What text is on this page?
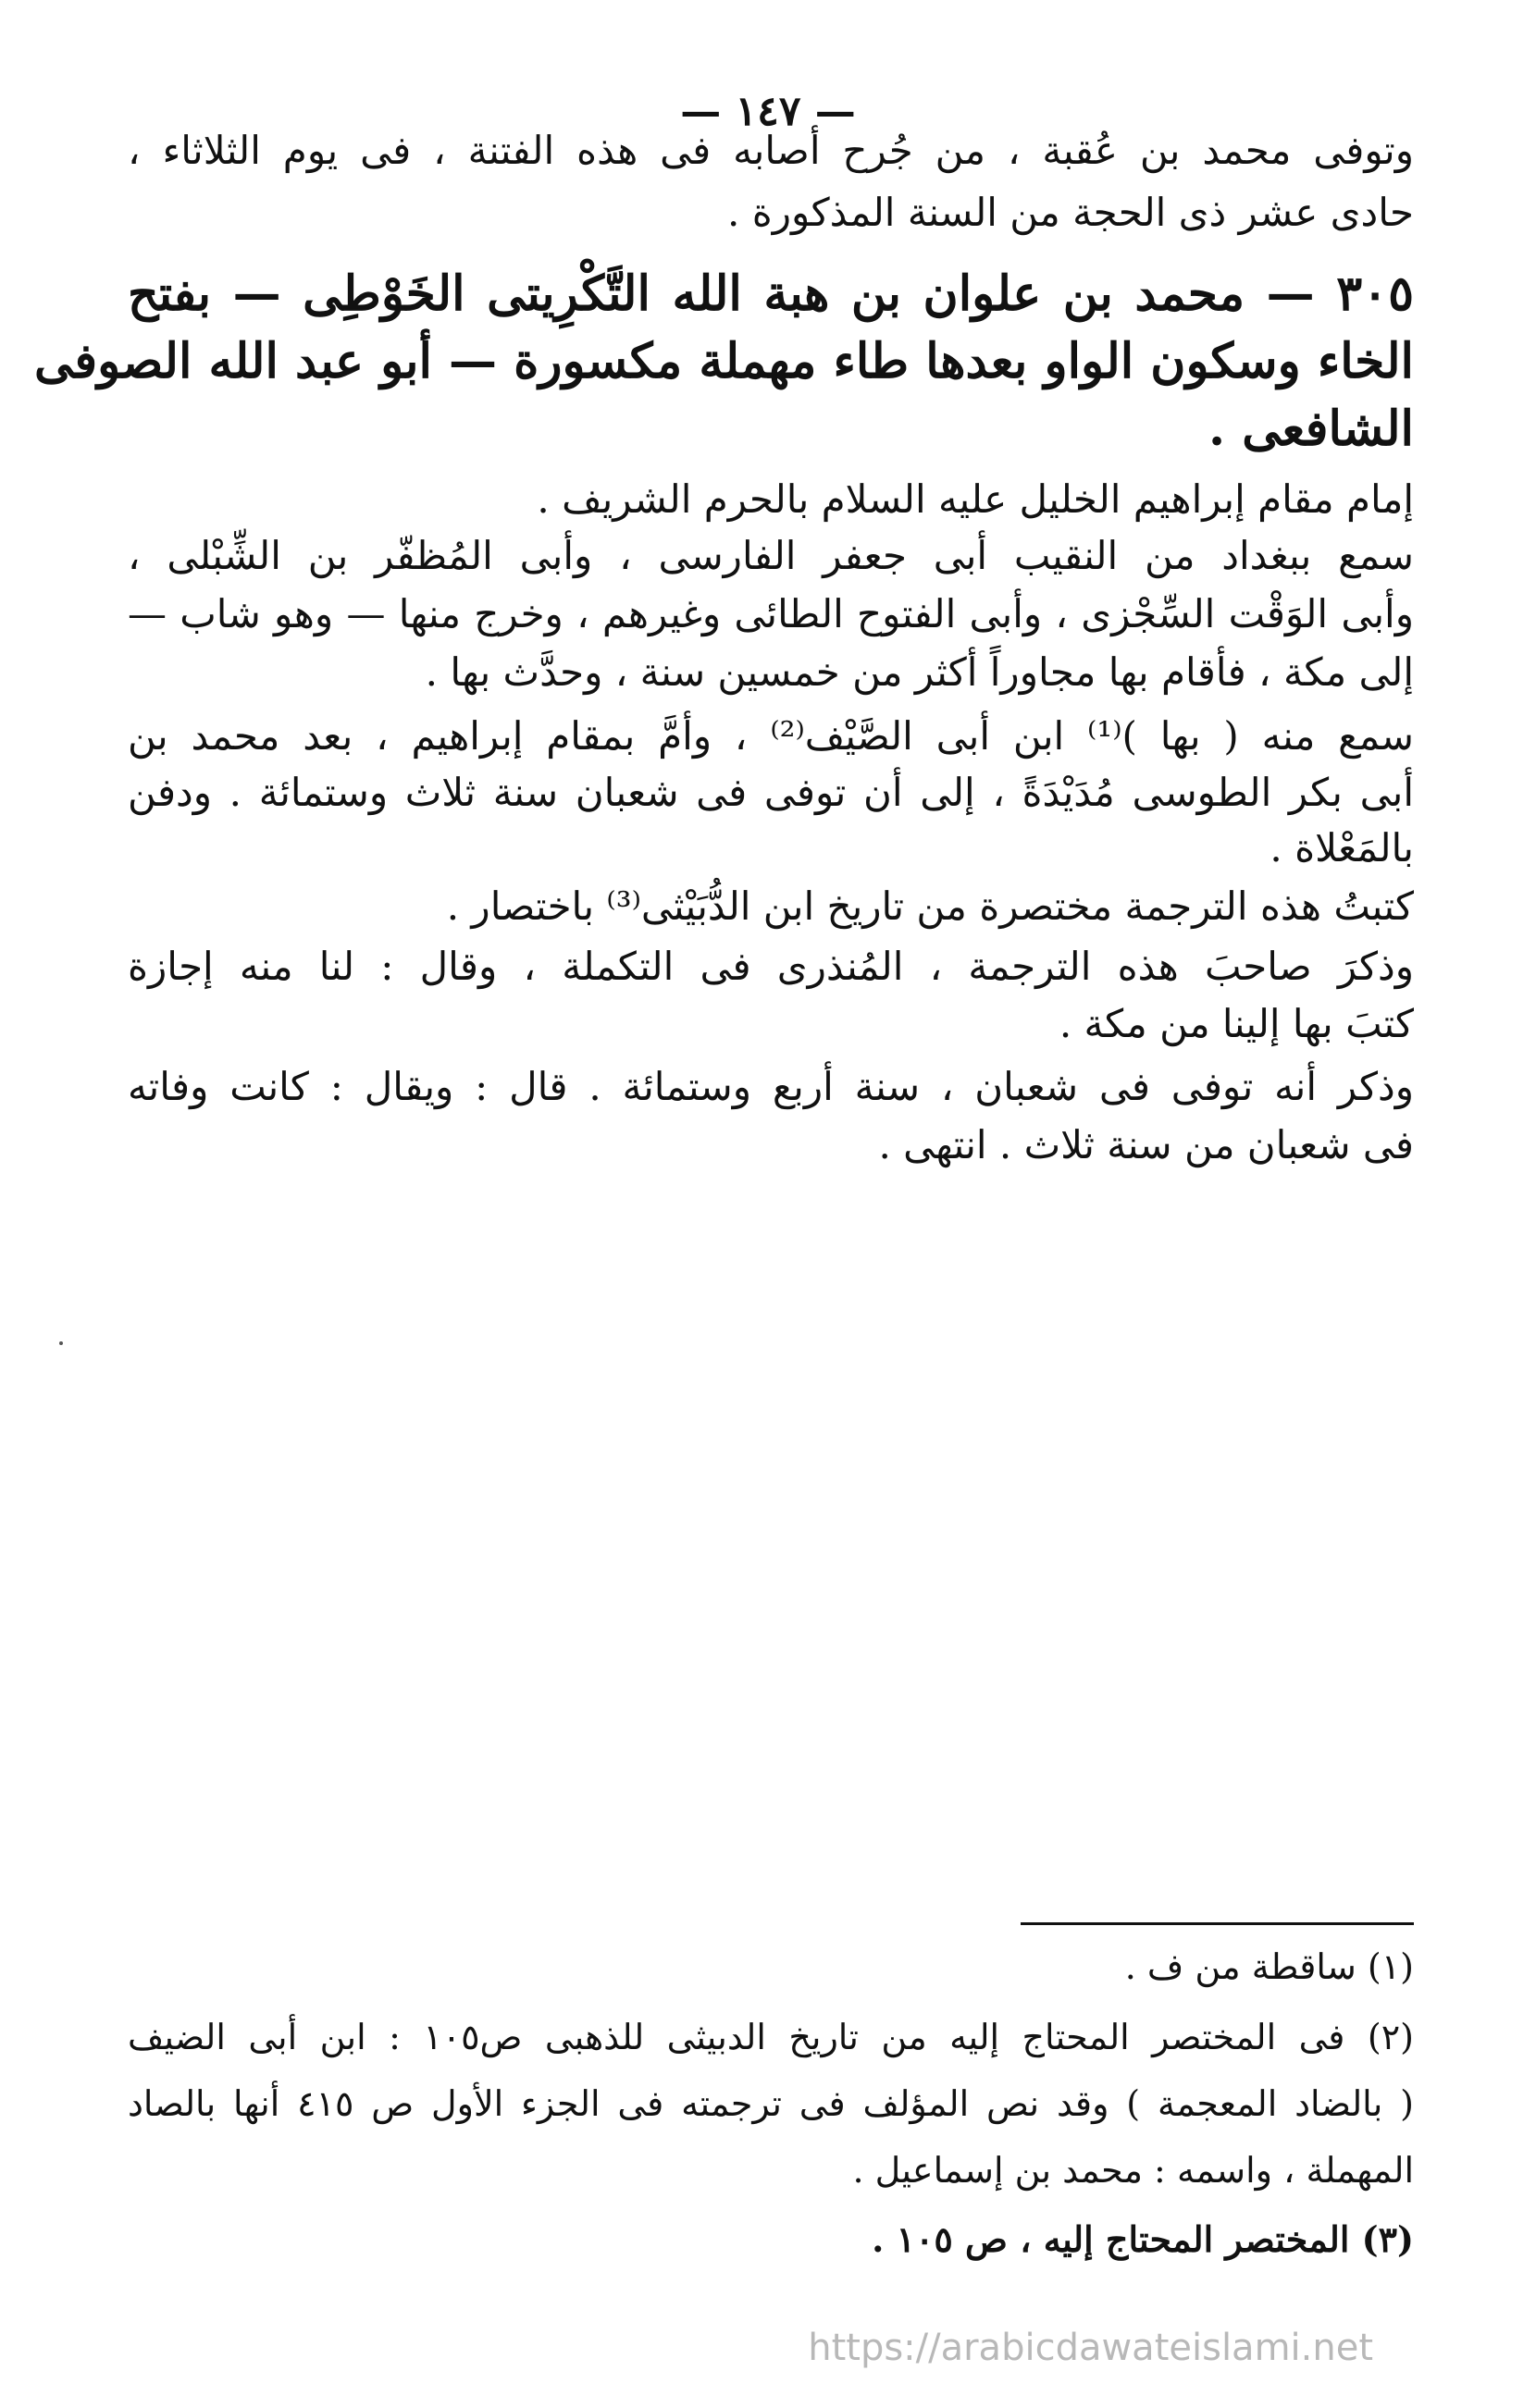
— ١٤٧ —
وتوفى محمد بن عُقبة ، من جُرح أصابه فى هذه الفتنة ، فى يوم الثلاثاء ،
حادى عشر ذى الحجة من السنة المذكورة .
٣٠٥ — محمد بن علوان بن هبة الله التَّكْرِيتى الخَوْطِى — بفتح
الخاء وسكون الواو بعدها طاء مهملة مكسورة — أبو عبد الله الصوفى
الشافعى .
إمام مقام إبراهيم الخليل عليه السلام بالحرم الشريف .
سمع ببغداد من النقيب أبى جعفر الفارسى ، وأبى المُظفّر بن الشِّبْلى ،
وأبى الوَقْت السِّجْزى ، وأبى الفتوح الطائى وغيرهم ، وخرج منها — وهو شاب —
إلى مكة ، فأقام بها مجاوراً أكثر من خمسين سنة ، وحدَّث بها .
سمع منه ( بها )⁽¹⁾ ابن أبى الصَّيْف⁽²⁾ ، وأمَّ بمقام إبراهيم ، بعد محمد بن
أبى بكر الطوسى مُدَيْدَةً ، إلى أن توفى فى شعبان سنة ثلاث وستمائة . ودفن
بالمَعْلاة .
كتبتُ هذه الترجمة مختصرة من تاريخ ابن الدُّبَيْثى⁽³⁾ باختصار .
وذكرَ صاحبَ هذه الترجمة ، المُنذرى فى التكملة ، وقال : لنا منه إجازة
كتبَ بها إلينا من مكة .
وذكر أنه توفى فى شعبان ، سنة أربع وستمائة . قال : ويقال : كانت وفاته
فى شعبان من سنة ثلاث . انتهى .
(١) ساقطة من ف .
(٢) فى المختصر المحتاج إليه من تاريخ الدبيثى للذهبى ص١٠٥ : ابن أبى الضيف
( بالضاد المعجمة ) وقد نص المؤلف فى ترجمته فى الجزء الأول ص ٤١٥ أنها بالصاد
المهملة ، واسمه : محمد بن إسماعيل .
(٣) المختصر المحتاج إليه ، ص ١٠٥ .
https://arabicdawateislami.net
